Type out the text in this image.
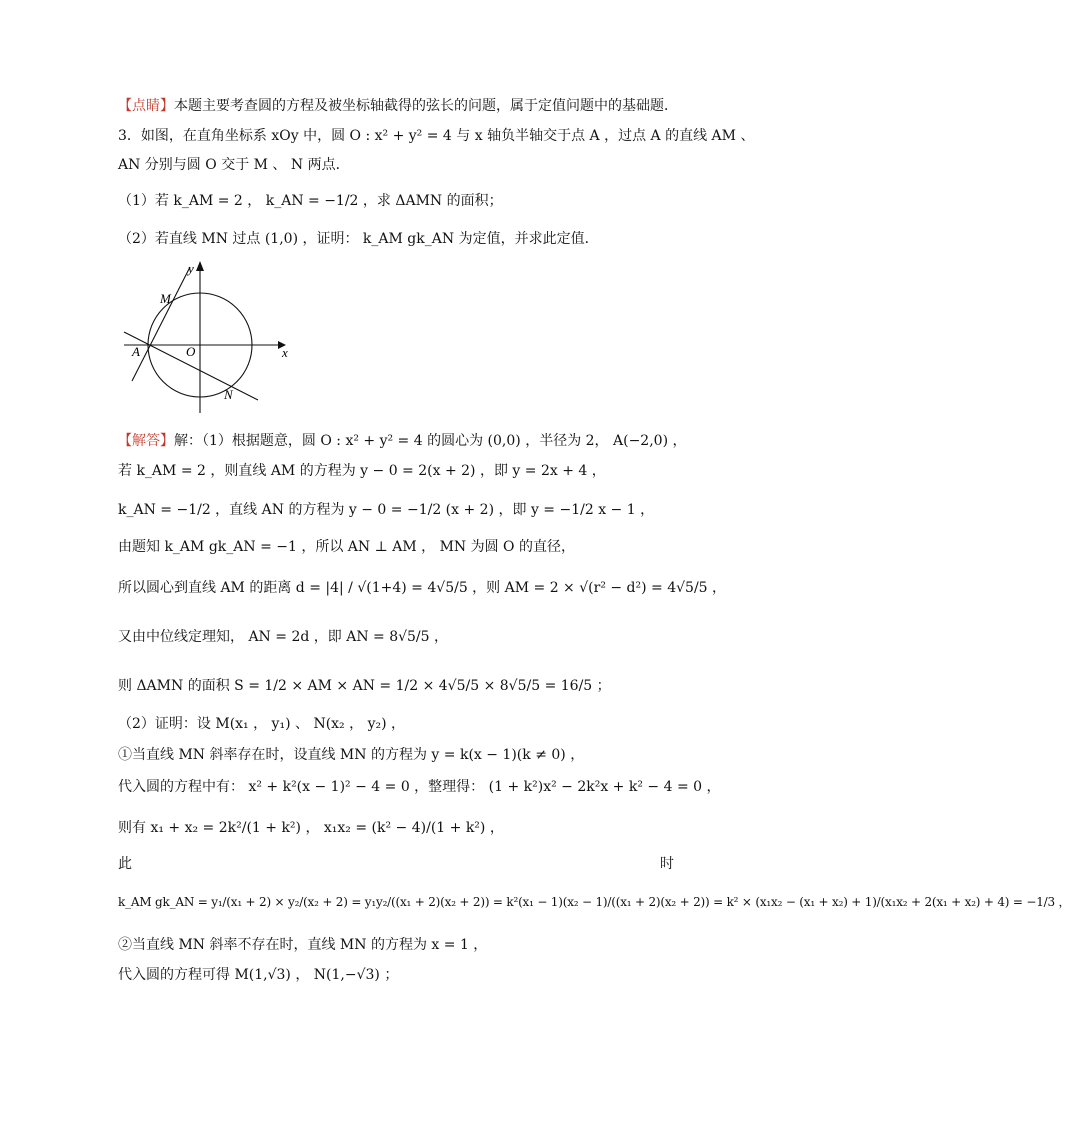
【点睛】本题主要考查圆的方程及被坐标轴截得的弦长的问题，属于定值问题中的基础题．
3．如图，在直角坐标系 xOy 中，圆 O : x² + y² = 4 与 x 轴负半轴交于点 A ，过点 A 的直线 AM 、
AN 分别与圆 O 交于 M 、 N 两点．
（1）若 k_AM = 2 ， k_AN = −1/2 ，求 ΔAMN 的面积；
（2）若直线 MN 过点 (1,0) ，证明： k_AM gk_AN 为定值，并求此定值．
y
x
M
A	O
N
【解答】解：（1）根据题意，圆 O : x² + y² = 4 的圆心为 (0,0) ，半径为 2， A(−2,0) ，
若 k_AM = 2 ，则直线 AM 的方程为 y − 0 = 2(x + 2) ，即 y = 2x + 4 ，
k_AN = −1/2 ，直线 AN 的方程为 y − 0 = −1/2 (x + 2) ，即 y = −1/2 x − 1 ，
由题知 k_AM gk_AN = −1 ，所以 AN ⊥ AM ， MN 为圆 O 的直径，
所以圆心到直线 AM 的距离 d = |4| / √(1+4) = 4√5/5 ，则 AM = 2 × √(r² − d²) = 4√5/5 ，
又由中位线定理知， AN = 2d ，即 AN = 8√5/5 ，
则 ΔAMN 的面积 S = 1/2 × AM × AN = 1/2 × 4√5/5 × 8√5/5 = 16/5 ；
（2）证明：设 M(x₁ ， y₁) 、 N(x₂ ， y₂) ，
①当直线 MN 斜率存在时，设直线 MN 的方程为 y = k(x − 1)(k ≠ 0) ，
代入圆的方程中有： x² + k²(x − 1)² − 4 = 0 ，整理得： (1 + k²)x² − 2k²x + k² − 4 = 0 ，
则有 x₁ + x₂ = 2k²/(1 + k²) ， x₁x₂ = (k² − 4)/(1 + k²) ，
此	时
k_AM gk_AN = y₁/(x₁ + 2) × y₂/(x₂ + 2) = y₁y₂/((x₁ + 2)(x₂ + 2)) = k²(x₁ − 1)(x₂ − 1)/((x₁ + 2)(x₂ + 2)) = k² × (x₁x₂ − (x₁ + x₂) + 1)/(x₁x₂ + 2(x₁ + x₂) + 4) = −1/3 ，
②当直线 MN 斜率不存在时，直线 MN 的方程为 x = 1 ，
代入圆的方程可得 M(1,√3) ， N(1,−√3) ；
